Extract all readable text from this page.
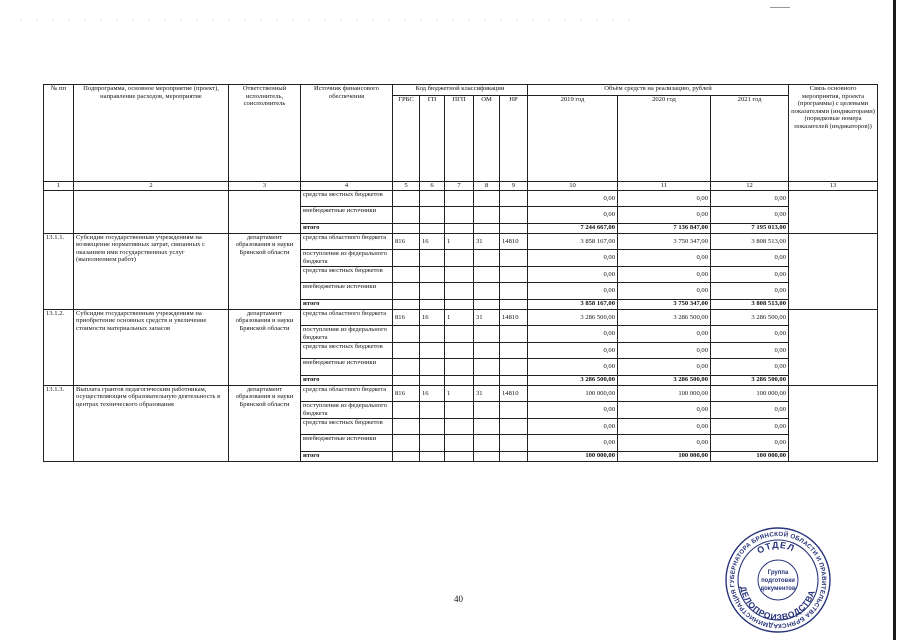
. . . . . . . . . . . . . . . . . . . . . . . . . . . . . . . . . . . . . . .
№ пп	Подпрограмма, основное мероприятие (проект), направление расходов, мероприятие	Ответственный исполнитель, соисполнитель	Источник финансового обеспечения	Код бюджетной классификации					Объём средств на реализацию, рублей			Связь основного мероприятия, проекта (программы) с целевыми показателями (индикаторами) (порядковые номера показателей (индикаторов))
				ГРБС	ГП	ПГП	ОМ	НР	2019 год	2020 год	2021 год	
1	2	3	4	5	6	7	8	9	10	11	12	13
			средства местных бюджетов						0,00	0,00	0,00	
			внебюджетные источники						0,00	0,00	0,00	
			итого						7 244 667,00	7 136 847,00	7 195 013,00	
13.1.1.	Субсидии государственным учреждениям на возмещение нормативных затрат, связанных с оказанием ими государственных услуг (выполнением работ)	департамент образования и науки Брянской области	средства областного бюджета	816	16	1	31	14810	3 858 167,00	3 750 347,00	3 808 513,00	
			поступления из федерального бюджета						0,00	0,00	0,00	
			средства местных бюджетов						0,00	0,00	0,00	
			внебюджетные источники						0,00	0,00	0,00	
			итого						3 858 167,00	3 750 347,00	3 808 513,00	
13.1.2.	Субсидии государственным учреждениям на приобретение основных средств и увеличение стоимости материальных запасов	департамент образования и науки Брянской области	средства областного бюджета	816	16	1	31	14810	3 286 500,00	3 286 500,00	3 286 500,00	
			поступления из федерального бюджета						0,00	0,00	0,00	
			средства местных бюджетов						0,00	0,00	0,00	
			внебюджетные источники						0,00	0,00	0,00	
			итого						3 286 500,00	3 286 500,00	3 286 500,00	
13.1.3.	Выплата грантов педагогическим работникам, осуществляющим образовательную деятельность в центрах технического образования	департамент образования и науки Брянской области	средства областного бюджета	816	16	1	31	14810	100 000,00	100 000,00	100 000,00	
			поступления из федерального бюджета						0,00	0,00	0,00	
			средства местных бюджетов						0,00	0,00	0,00	
			внебюджетные источники						0,00	0,00	0,00	
			итого						100 000,00	100 000,00	100 000,00	
40
АДМИНИСТРАЦИЯ ГУБЕРНАТОРА БРЯНСКОЙ ОБЛАСТИ И ПРАВИТЕЛЬСТВА БРЯНСК
ОТДЕЛ
ДЕЛОПРОИЗВОДСТВА
Группа
подготовки
документов
